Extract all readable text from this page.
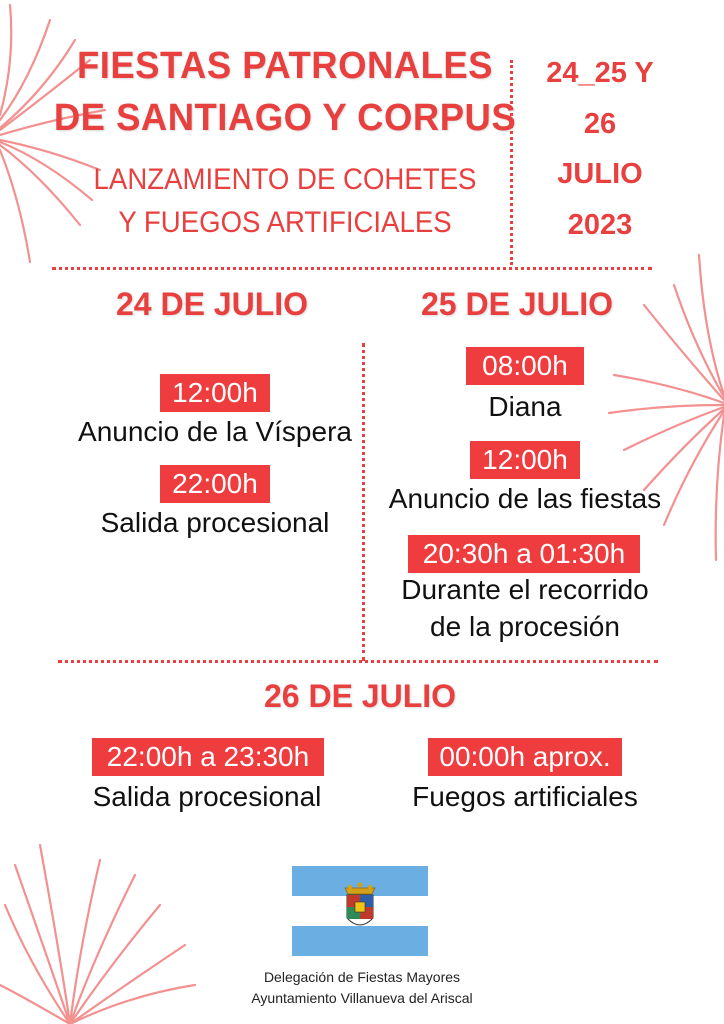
FIESTAS PATRONALES
DE SANTIAGO Y CORPUS
LANZAMIENTO DE COHETES
Y FUEGOS ARTIFICIALES
24_25 Y
26
JULIO
2023
24 DE JULIO
12:00h
Anuncio de la Víspera
22:00h
Salida procesional
25 DE JULIO
08:00h
Diana
12:00h
Anuncio de las fiestas
20:30h a 01:30h
Durante el recorrido
de la procesión
26 DE JULIO
22:00h a 23:30h
Salida procesional
00:00h aprox.
Fuegos artificiales
Delegación de Fiestas Mayores
Ayuntamiento Villanueva del Ariscal
